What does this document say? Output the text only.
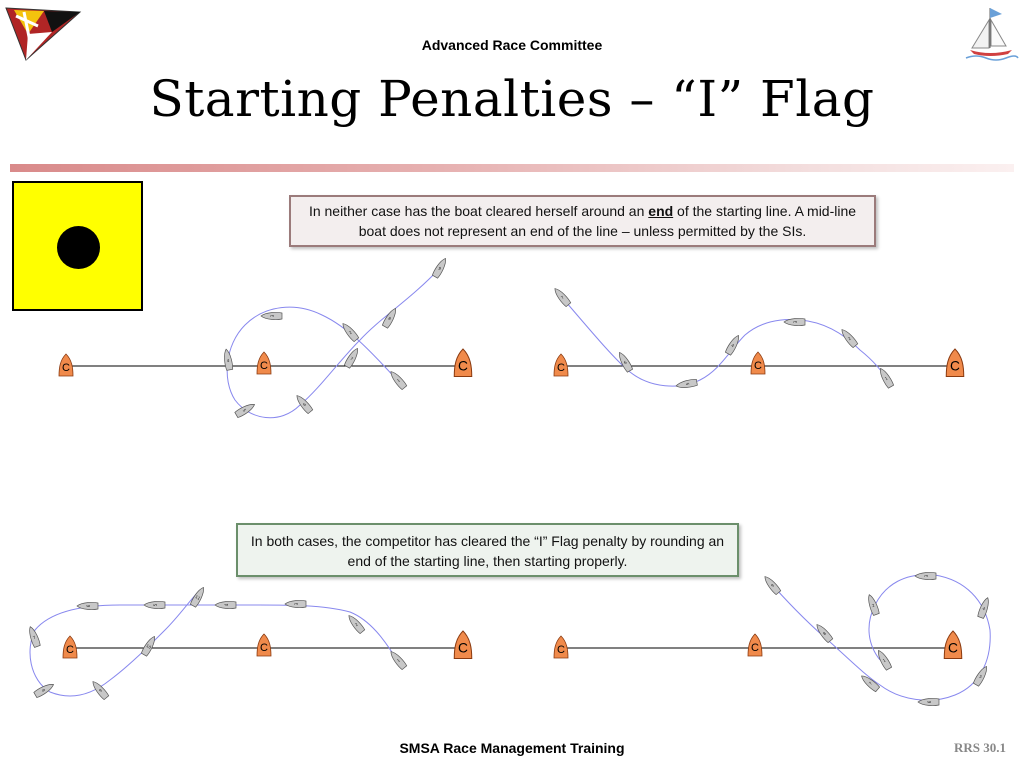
Advanced Race Committee
Starting Penalties – “I” Flag
In neither case has the boat cleared herself around an end of the starting line. A mid-line boat does not represent an end of the line – unless permitted by the SIs.
In both cases, the competitor has cleared the “I” Flag penalty by rounding an end of the starting line, then starting properly.
1
2
3
4
5
6
7
8
9
C	C	C
1
2
3
4
5
6
7
C	C	C
1
2
3
4
5
6
7
8	9
10
11
C	C	C
1
2
3
4
5
6
7
8
9
C	C	C
SMSA Race Management Training	RRS 30.1
